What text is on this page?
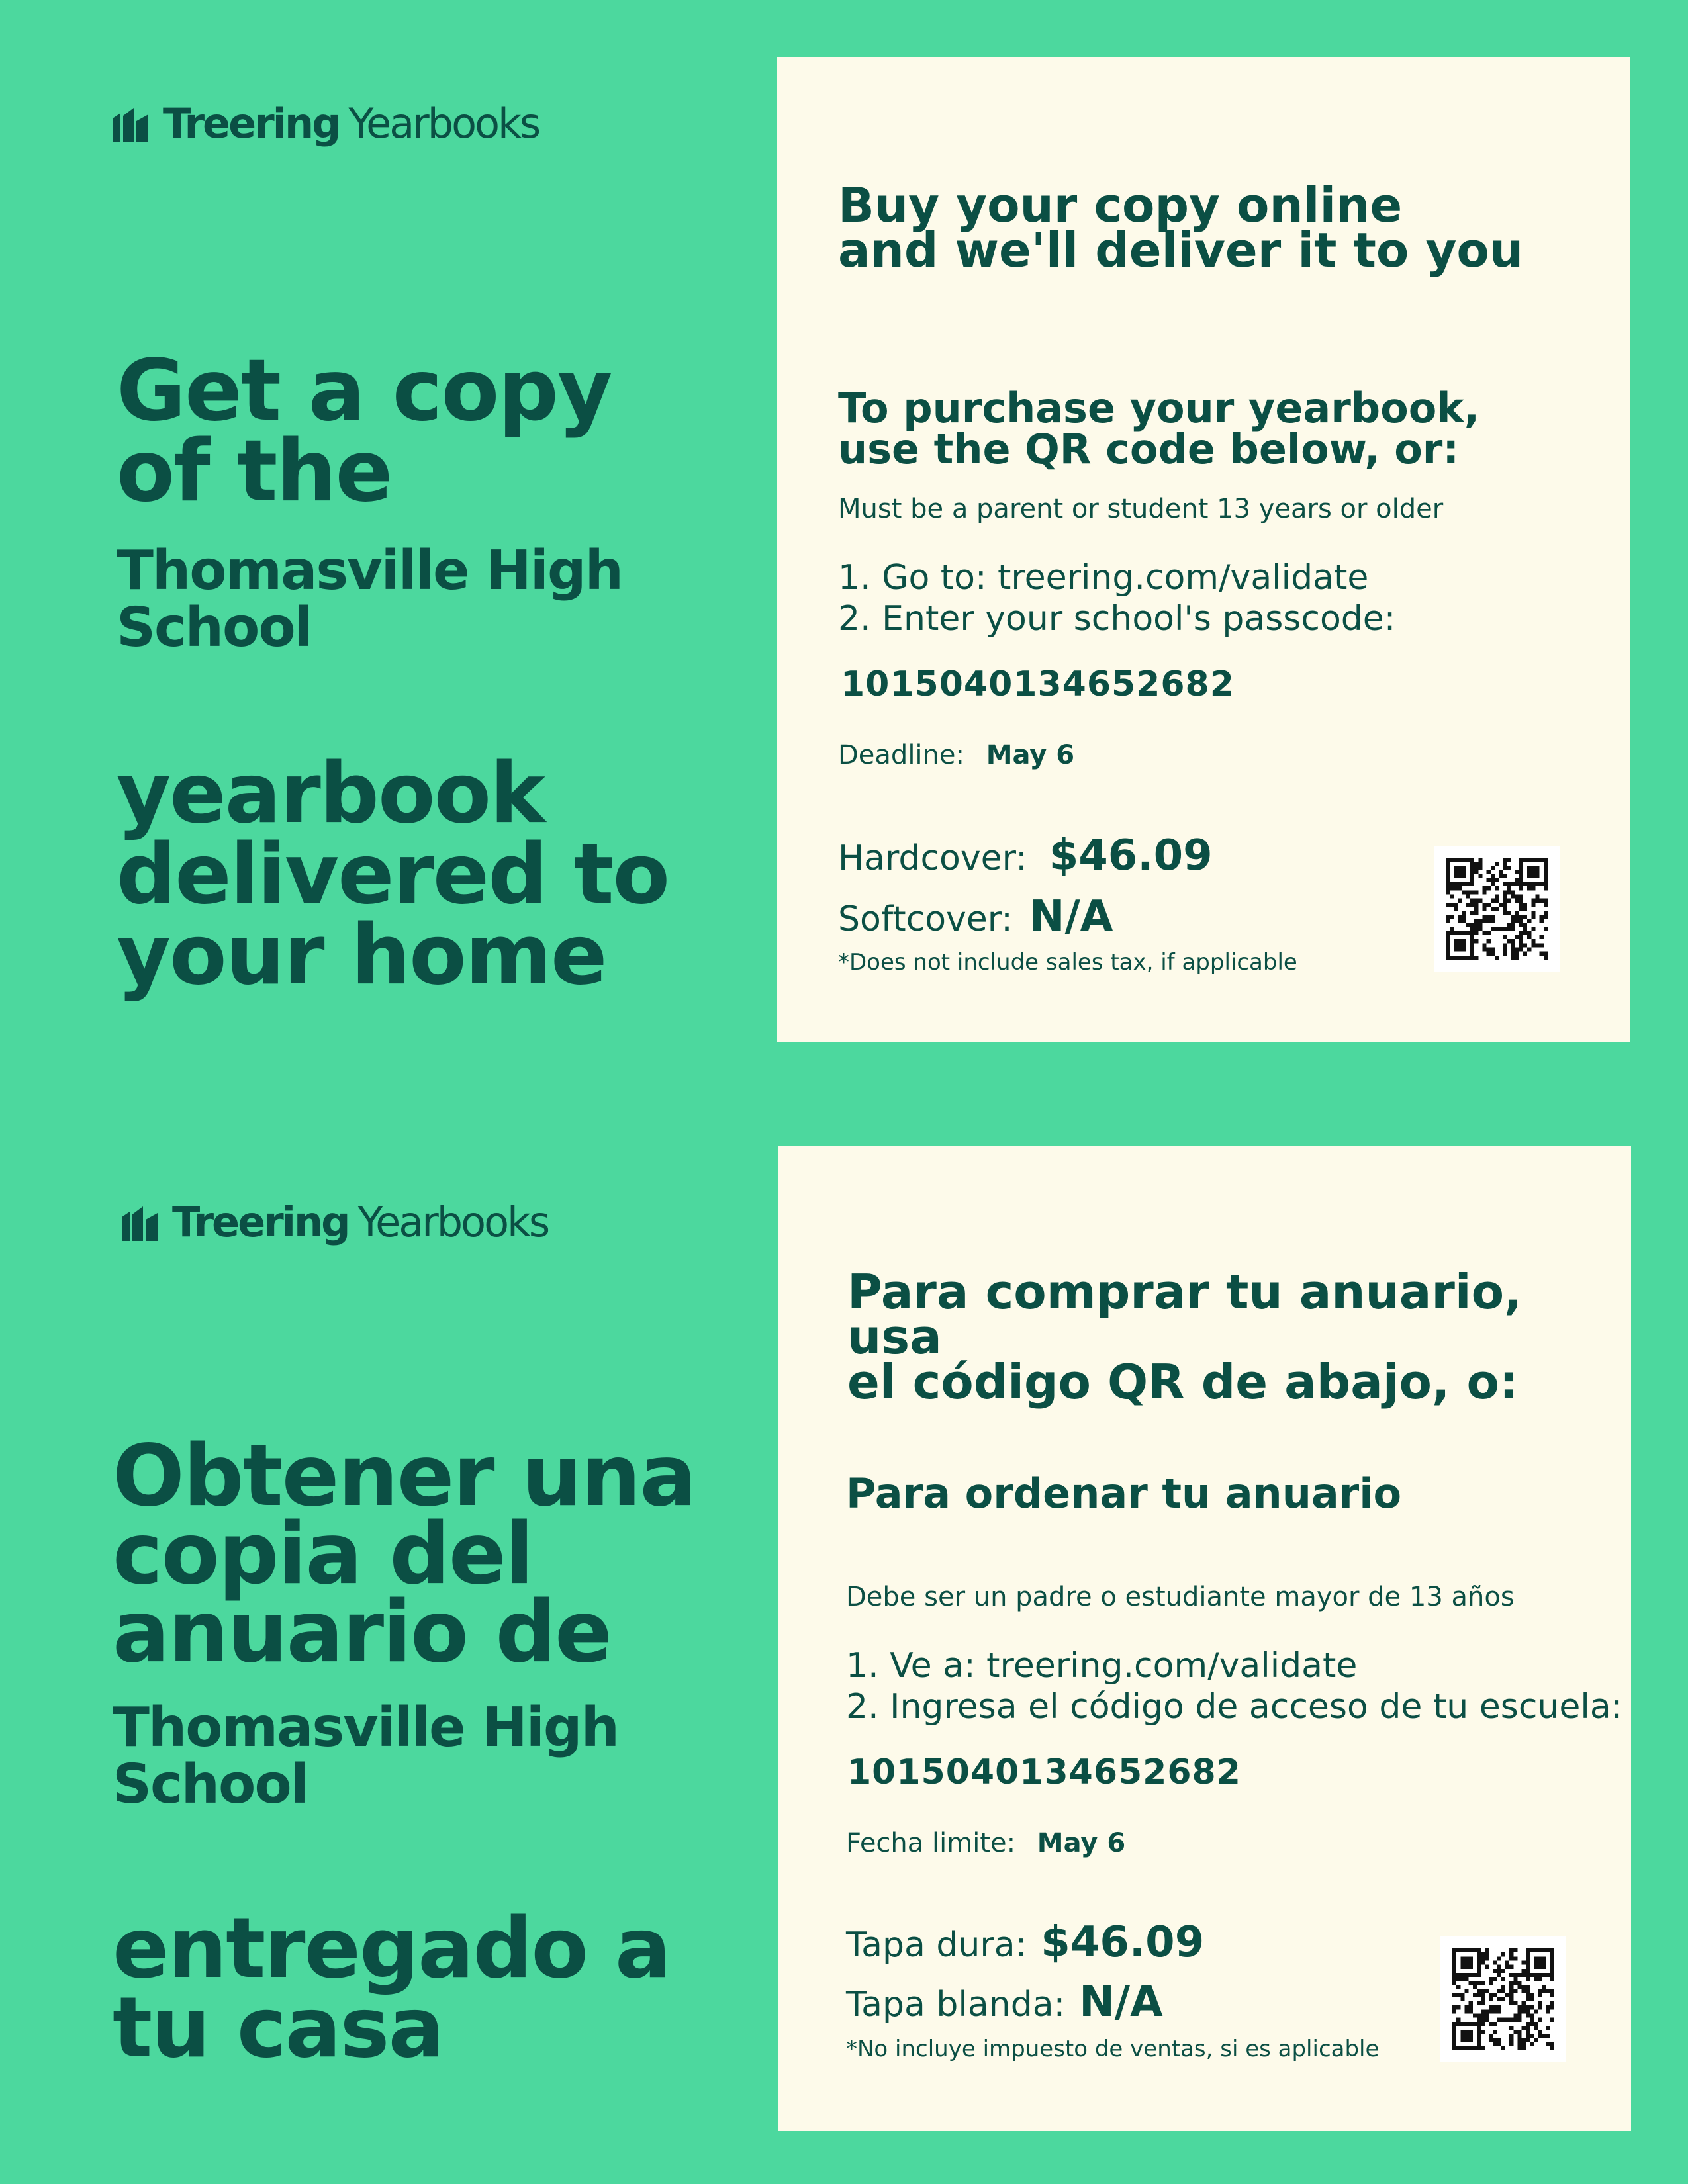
Treering Yearbooks

Get a copy

of the

Thomasville High

School

yearbook

delivered to

your home

Buy your copy online
and we'll deliver it to you
To purchase your yearbook,
use the QR code below, or:
Must be a parent or student 13 years or older
1. Go to: treering.com/validate
2. Enter your school's passcode:
1015040134652682
Deadline: May 6
Hardcover: $46.09
Softcover: N/A
*Does not include sales tax, if applicable
Treering Yearbooks

Obtener una

copia del

anuario de

Thomasville High

School

entregado a

tu casa

Para comprar tu anuario, usa
el código QR de abajo, o:
Para ordenar tu anuario
Debe ser un padre o estudiante mayor de 13 años
1. Ve a: treering.com/validate
2. Ingresa el código de acceso de tu escuela:
1015040134652682
Fecha limite: May 6
Tapa dura: $46.09
Tapa blanda: N/A
*No incluye impuesto de ventas, si es aplicable
